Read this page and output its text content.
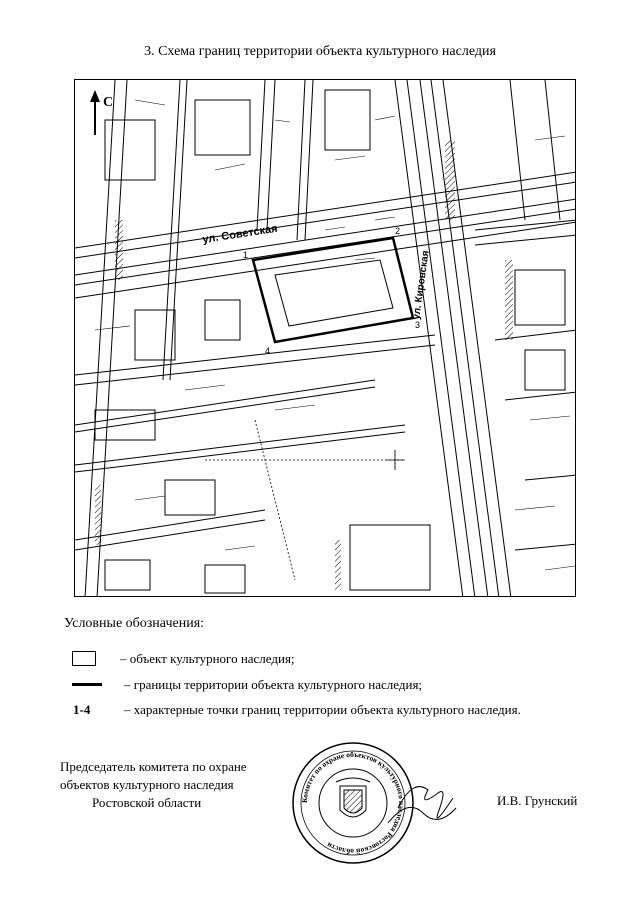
3. Схема границ территории объекта культурного наследия
С
ул. Советская
ул. Кировская
1
2
3
4
Условные обозначения:
– объект культурного наследия;
– границы территории объекта культурного наследия;
1-4	– характерные точки границ территории объекта культурного наследия.
Председатель комитета по охране
объектов культурного наследия
Ростовской области	Комитет по охране объектов культурного наследия Ростовской области
И.В. Грунский
